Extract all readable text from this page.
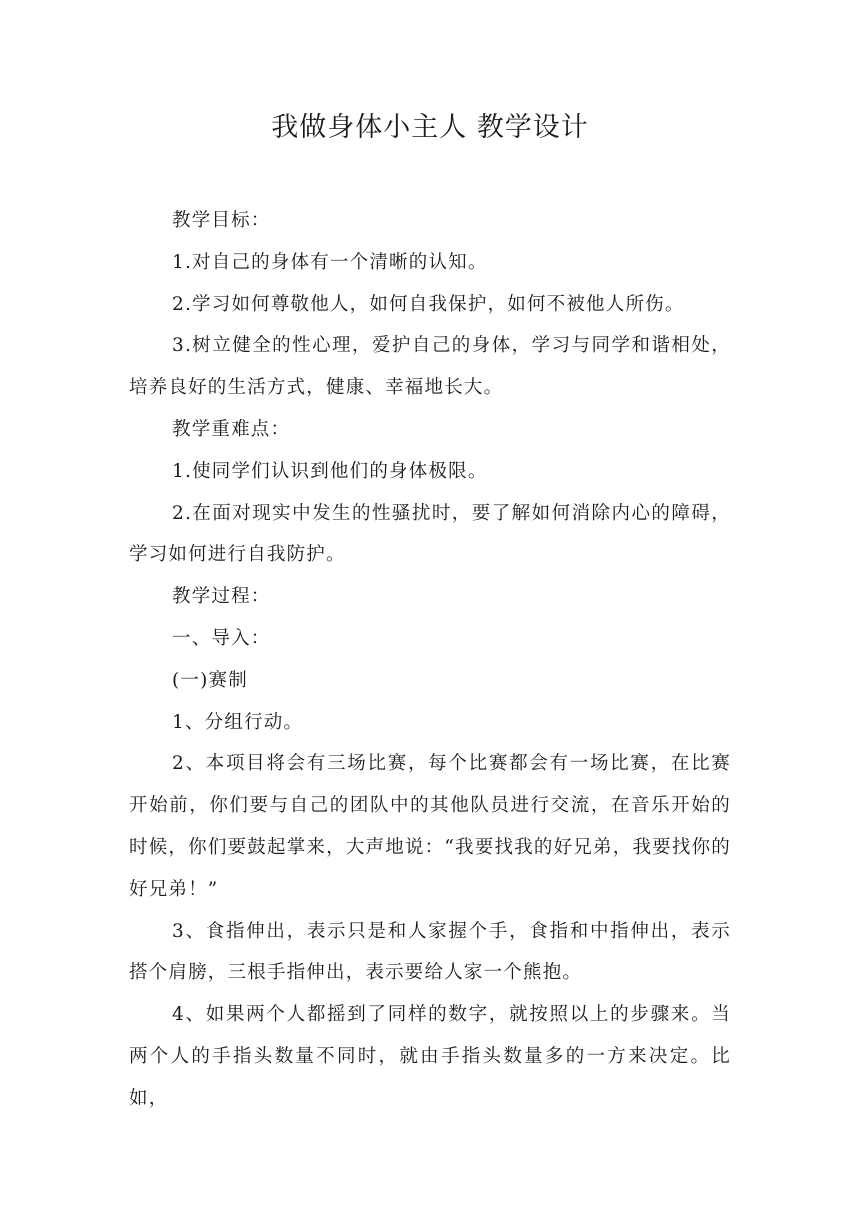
我做身体小主人 教学设计

教学目标：

1.对自己的身体有一个清晰的认知。

2.学习如何尊敬他人，如何自我保护，如何不被他人所伤。

3.树立健全的性心理，爱护自己的身体，学习与同学和谐相处，培养良好的生活方式，健康、幸福地长大。

教学重难点：

1.使同学们认识到他们的身体极限。

2.在面对现实中发生的性骚扰时，要了解如何消除内心的障碍，学习如何进行自我防护。

教学过程：

一、导入：

(一)赛制

1、分组行动。

2、本项目将会有三场比赛，每个比赛都会有一场比赛，在比赛开始前，你们要与自己的团队中的其他队员进行交流，在音乐开始的时候，你们要鼓起掌来，大声地说：“我要找我的好兄弟，我要找你的好兄弟！”

3、食指伸出，表示只是和人家握个手，食指和中指伸出，表示搭个肩膀，三根手指伸出，表示要给人家一个熊抱。

4、如果两个人都摇到了同样的数字，就按照以上的步骤来。当两个人的手指头数量不同时，就由手指头数量多的一方来决定。比如，
